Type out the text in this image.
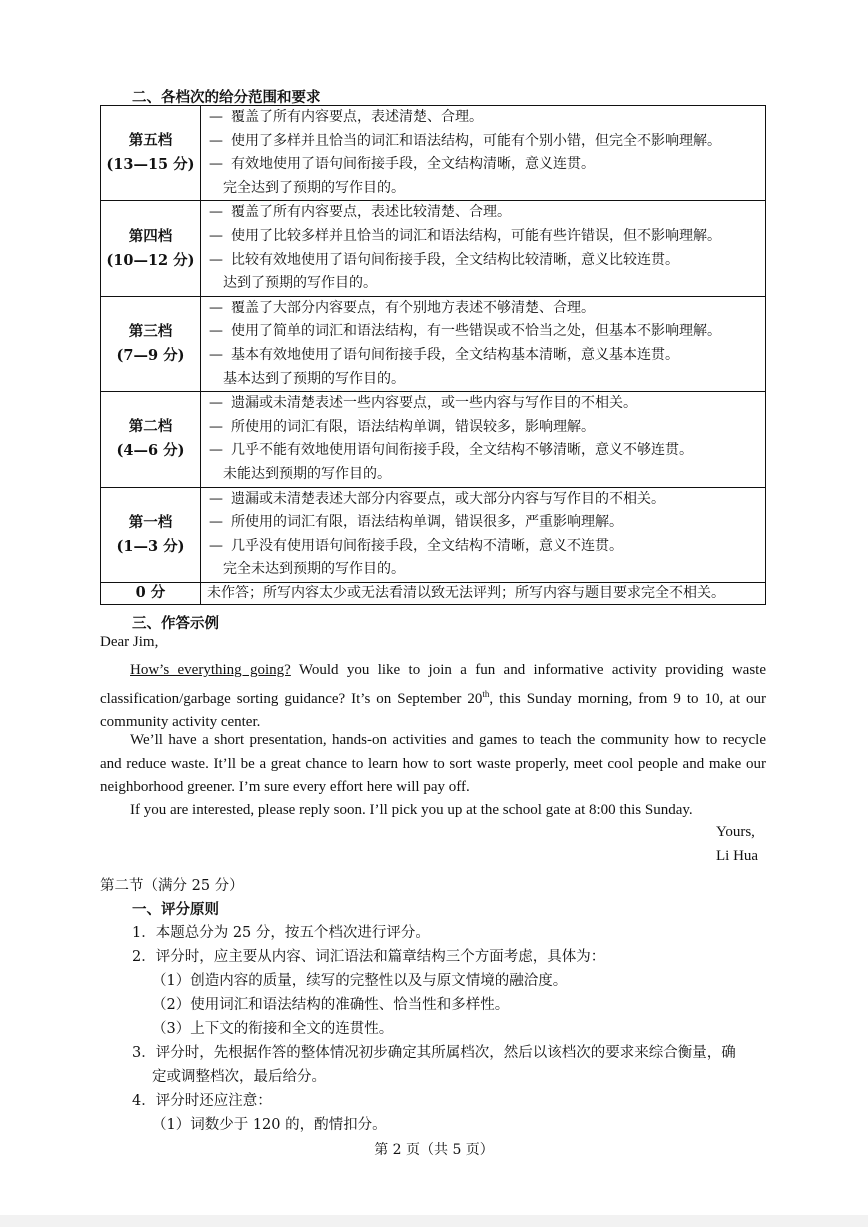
二、各档次的给分范围和要求
第五档
(13—15 分)	— 覆盖了所有内容要点，表述清楚、合理。
— 使用了多样并且恰当的词汇和语法结构，可能有个别小错，但完全不影响理解。
— 有效地使用了语句间衔接手段，全文结构清晰，意义连贯。
完全达到了预期的写作目的。

第四档
(10—12 分)	— 覆盖了所有内容要点，表述比较清楚、合理。
— 使用了比较多样并且恰当的词汇和语法结构，可能有些许错误，但不影响理解。
— 比较有效地使用了语句间衔接手段，全文结构比较清晰，意义比较连贯。
达到了预期的写作目的。

第三档
(7—9 分)	— 覆盖了大部分内容要点，有个别地方表述不够清楚、合理。
— 使用了简单的词汇和语法结构，有一些错误或不恰当之处，但基本不影响理解。
— 基本有效地使用了语句间衔接手段，全文结构基本清晰，意义基本连贯。
基本达到了预期的写作目的。

第二档
(4—6 分)	— 遗漏或未清楚表述一些内容要点，或一些内容与写作目的不相关。
— 所使用的词汇有限，语法结构单调，错误较多，影响理解。
— 几乎不能有效地使用语句间衔接手段，全文结构不够清晰，意义不够连贯。
未能达到预期的写作目的。

第一档
(1—3 分)	— 遗漏或未清楚表述大部分内容要点，或大部分内容与写作目的不相关。
— 所使用的词汇有限，语法结构单调，错误很多，严重影响理解。
— 几乎没有使用语句间衔接手段，全文结构不清晰，意义不连贯。
完全未达到预期的写作目的。

0 分	未作答；所写内容太少或无法看清以致无法评判；所写内容与题目要求完全不相关。
三、作答示例
Dear Jim,
How’s everything going? Would you like to join a fun and informative activity providing waste classification/garbage sorting guidance? It’s on September 20th, this Sunday morning, from 9 to 10, at our community activity center.
We’ll have a short presentation, hands-on activities and games to teach the community how to recycle and reduce waste. It’ll be a great chance to learn how to sort waste properly, meet cool people and make our neighborhood greener. I’m sure every effort here will pay off.
If you are interested, please reply soon. I’ll pick you up at the school gate at 8:00 this Sunday.
Yours,
Li Hua
第二节（满分 25 分）
一、评分原则
1．本题总分为 25 分，按五个档次进行评分。
2．评分时，应主要从内容、词汇语法和篇章结构三个方面考虑，具体为：
（1）创造内容的质量，续写的完整性以及与原文情境的融洽度。
（2）使用词汇和语法结构的准确性、恰当性和多样性。
（3）上下文的衔接和全文的连贯性。
3．评分时，先根据作答的整体情况初步确定其所属档次，然后以该档次的要求来综合衡量，确
定或调整档次，最后给分。
4．评分时还应注意：
（1）词数少于 120 的，酌情扣分。
第 2 页（共 5 页）
